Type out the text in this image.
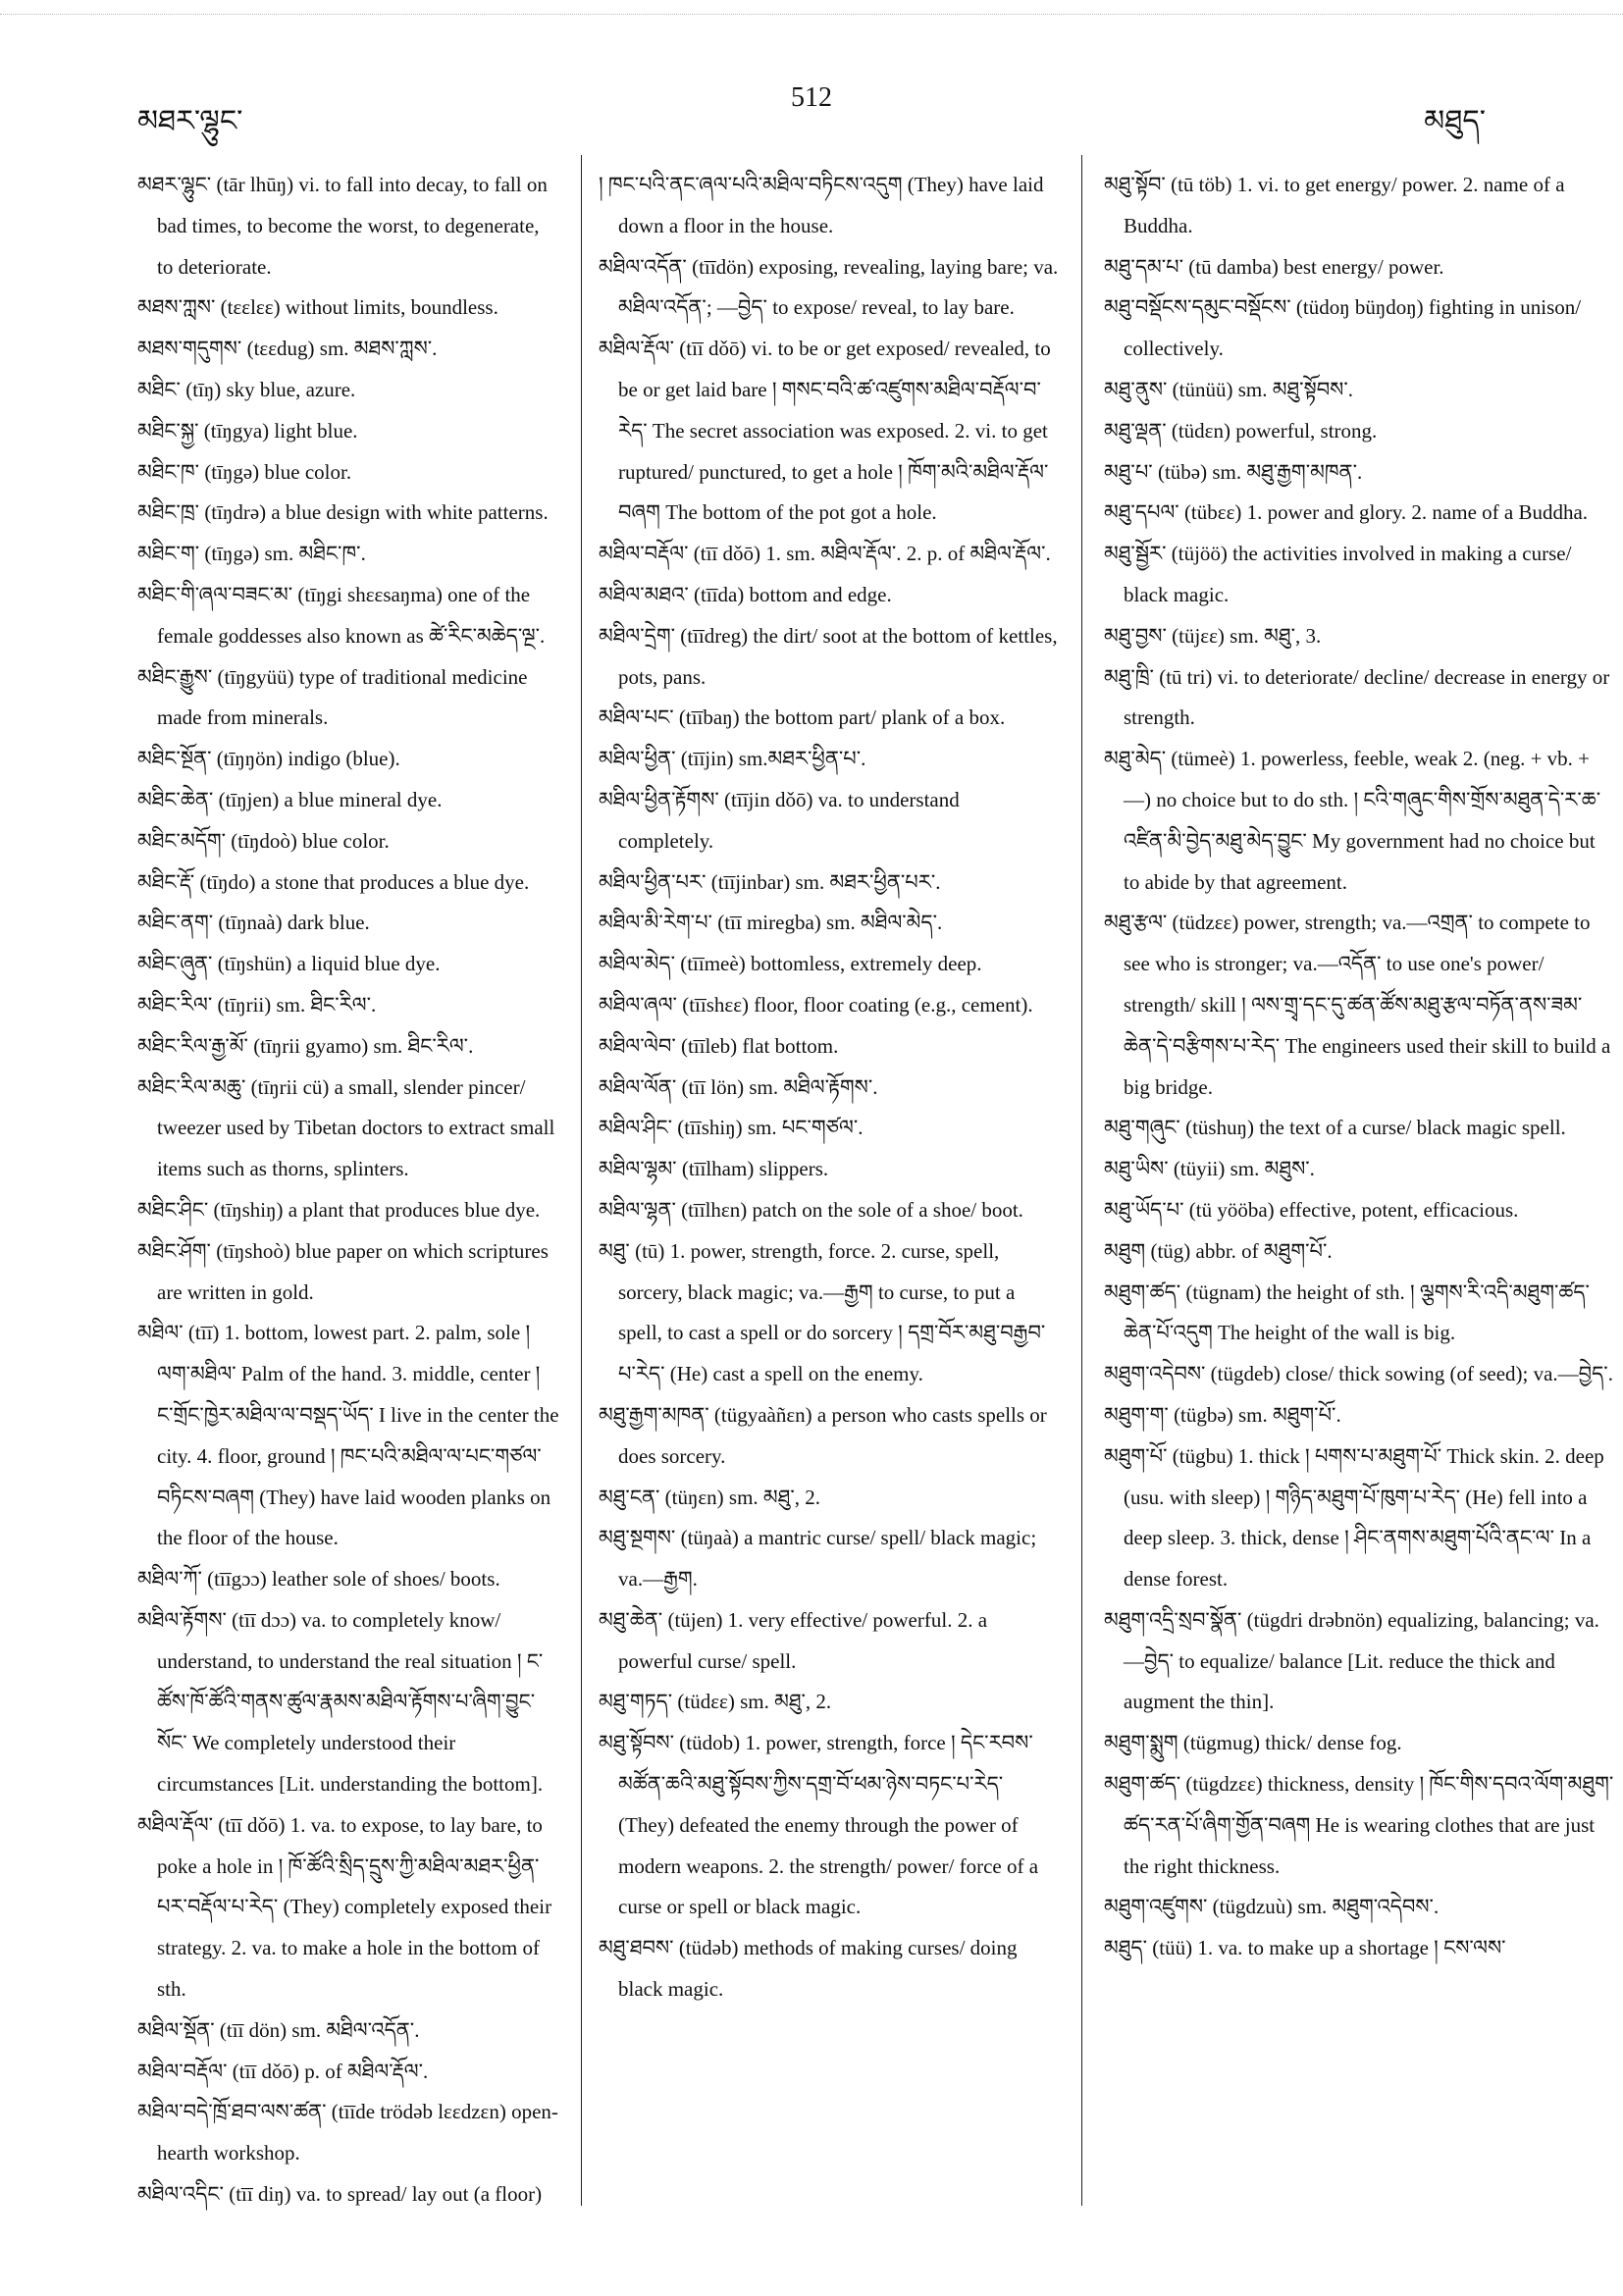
མཐར་ལྷུང་
512
མཐུད་

མཐར་ལྷུང་ (tār lhūŋ) vi. to fall into decay, to fall on bad times, to become the worst, to degenerate, to deteriorate.

མཐས་ཀླས་ (tɛɛlɛɛ) without limits, boundless.

མཐས་གདུགས་ (tɛɛdug) sm. མཐས་ཀླས་.

མཐིང་ (tīŋ) sky blue, azure.

མཐིང་སྐྱ་ (tīŋgya) light blue.

མཐིང་ཁ་ (tīŋgə) blue color.

མཐིང་ཁྲ་ (tīŋdrə) a blue design with white patterns.

མཐིང་ག་ (tīŋgə) sm. མཐིང་ཁ་.

མཐིང་གི་ཞལ་བཟང་མ་ (tīŋgi shɛɛsaŋma) one of the female goddesses also known as ཚེ་རིང་མཆེད་ལྔ་.

མཐིང་རྒྱུས་ (tīŋgyüü) type of traditional medicine made from minerals.

མཐིང་སྔོན་ (tīŋŋön) indigo (blue).

མཐིང་ཆེན་ (tīŋjen) a blue mineral dye.

མཐིང་མདོག་ (tīŋdoò) blue color.

མཐིང་རྡོ་ (tīŋdo) a stone that produces a blue dye.

མཐིང་ནག་ (tīŋnaà) dark blue.

མཐིང་ཞུན་ (tīŋshün) a liquid blue dye.

མཐིང་རིལ་ (tīŋrii) sm. ཐིང་རིལ་.

མཐིང་རིལ་རྒྱ་མོ་ (tīŋrii gyamo) sm. ཐིང་རིལ་.

མཐིང་རིལ་མཆུ་ (tīŋrii cü) a small, slender pincer/ tweezer used by Tibetan doctors to extract small items such as thorns, splinters.

མཐིང་ཤིང་ (tīŋshiŋ) a plant that produces blue dye.

མཐིང་ཤོག་ (tīŋshoò) blue paper on which scriptures are written in gold.

མཐིལ་ (tīī) 1. bottom, lowest part. 2. palm, sole ། ལག་མཐིལ་ Palm of the hand. 3. middle, center ། ང་གྲོང་ཁྱེར་མཐིལ་ལ་བསྡད་ཡོད་ I live in the center the city. 4. floor, ground ། ཁང་པའི་མཐིལ་ལ་པང་གཙལ་བཏིངས་བཞག (They) have laid wooden planks on the floor of the house.

མཐིལ་ཀོ་ (tīīgɔɔ) leather sole of shoes/ boots.

མཐིལ་རྟོགས་ (tīī dɔɔ) va. to completely know/ understand, to understand the real situation ། ང་ཚོས་ཁོ་ཚོའི་གནས་ཚུལ་རྣམས་མཐིལ་རྟོགས་པ་ཞིག་བྱུང་སོང་ We completely understood their circumstances [Lit. understanding the bottom].

མཐིལ་རྡོལ་ (tīī dǒō) 1. va. to expose, to lay bare, to poke a hole in ། ཁོ་ཚོའི་སྲིད་དྲུས་ཀྱི་མཐིལ་མཐར་ཕྱིན་པར་བརྡོལ་པ་རེད་ (They) completely exposed their strategy. 2. va. to make a hole in the bottom of sth.

མཐིལ་སྡོན་ (tīī dön) sm. མཐིལ་འདོན་.

མཐིལ་བརྡོལ་ (tīī dǒō) p. of མཐིལ་རྡོལ་.

མཐིལ་བདེ་ཁྲོ་ཐབ་ལས་ཚན་ (tīīde trödəb lɛɛdzɛn) open-hearth workshop.

མཐིལ་འདིང་ (tīī diŋ) va. to spread/ lay out (a floor)

། ཁང་པའི་ནང་ཞལ་པའི་མཐིལ་བཏིངས་འདུག (They) have laid down a floor in the house.

མཐིལ་འདོན་ (tīīdön) exposing, revealing, laying bare; va. མཐིལ་འདོན་; —བྱེད་ to expose/ reveal, to lay bare.

མཐིལ་རྡོལ་ (tīī dǒō) vi. to be or get exposed/ revealed, to be or get laid bare ། གསང་བའི་ཚ་འཛུགས་མཐིལ་བརྡོལ་བ་རེད་ The secret association was exposed. 2. vi. to get ruptured/ punctured, to get a hole ། ཁོག་མའི་མཐིལ་རྡོལ་བཞག The bottom of the pot got a hole.

མཐིལ་བརྡོལ་ (tīī dǒō) 1. sm. མཐིལ་རྡོལ་. 2. p. of མཐིལ་རྡོལ་.

མཐིལ་མཐའ་ (tīīda) bottom and edge.

མཐིལ་དྲེག་ (tīīdreg) the dirt/ soot at the bottom of kettles, pots, pans.

མཐིལ་པང་ (tīībaŋ) the bottom part/ plank of a box.

མཐིལ་ཕྱིན་ (tīījin) sm.མཐར་ཕྱིན་པ་.

མཐིལ་ཕྱིན་རྟོགས་ (tīījin dǒō) va. to understand completely.

མཐིལ་ཕྱིན་པར་ (tīījinbar) sm. མཐར་ཕྱིན་པར་.

མཐིལ་མི་རེག་པ་ (tīī miregba) sm. མཐིལ་མེད་.

མཐིལ་མེད་ (tīīmeè) bottomless, extremely deep.

མཐིལ་ཞལ་ (tīīshɛɛ) floor, floor coating (e.g., cement).

མཐིལ་ལེབ་ (tīīleb) flat bottom.

མཐིལ་ལོན་ (tīī lön) sm. མཐིལ་རྟོགས་.

མཐིལ་ཤིང་ (tīīshiŋ) sm. པང་གཙལ་.

མཐིལ་ལྷམ་ (tīīlham) slippers.

མཐིལ་ལྷན་ (tīīlhɛn) patch on the sole of a shoe/ boot.

མཐུ་ (tū) 1. power, strength, force. 2. curse, spell, sorcery, black magic; va.—རྒྱག to curse, to put a spell, to cast a spell or do sorcery ། དགྲ་བོར་མཐུ་བརྒྱབ་པ་རེད་ (He) cast a spell on the enemy.

མཐུ་རྒྱག་མཁན་ (tügyaàñɛn) a person who casts spells or does sorcery.

མཐུ་ངན་ (tüŋɛn) sm. མཐུ་, 2.

མཐུ་སྔགས་ (tüŋaà) a mantric curse/ spell/ black magic; va.—རྒྱག.

མཐུ་ཆེན་ (tüjen) 1. very effective/ powerful. 2. a powerful curse/ spell.

མཐུ་གཏད་ (tüdɛɛ) sm. མཐུ་, 2.

མཐུ་སྟོབས་ (tüdob) 1. power, strength, force ། དེང་རབས་མཚོན་ཆའི་མཐུ་སྟོབས་ཀྱིས་དགྲ་བོ་ཕམ་ཉེས་བཏང་པ་རེད་ (They) defeated the enemy through the power of modern weapons. 2. the strength/ power/ force of a curse or spell or black magic.

མཐུ་ཐབས་ (tüdəb) methods of making curses/ doing black magic.

མཐུ་སྟོབ་ (tū töb) 1. vi. to get energy/ power. 2. name of a Buddha.

མཐུ་དམ་པ་ (tū damba) best energy/ power.

མཐུ་བསྡོངས་དམུང་བསྡོངས་ (tüdoŋ büŋdoŋ) fighting in unison/ collectively.

མཐུ་ནུས་ (tünüü) sm. མཐུ་སྟོབས་.

མཐུ་ལྡན་ (tüdɛn) powerful, strong.

མཐུ་པ་ (tübə) sm. མཐུ་རྒྱག་མཁན་.

མཐུ་དཔལ་ (tübɛɛ) 1. power and glory. 2. name of a Buddha.

མཐུ་སྦྱོར་ (tüjöö) the activities involved in making a curse/ black magic.

མཐུ་བྱས་ (tüjɛɛ) sm. མཐུ་, 3.

མཐུ་ཁྲི་ (tū tri) vi. to deteriorate/ decline/ decrease in energy or strength.

མཐུ་མེད་ (tümeè) 1. powerless, feeble, weak 2. (neg. + vb. + —) no choice but to do sth. ། ངའི་གཞུང་གིས་གྲོས་མཐུན་དེ་ར་ཆ་འཛིན་མི་བྱེད་མཐུ་མེད་བྱུང་ My government had no choice but to abide by that agreement.

མཐུ་རྩལ་ (tüdzɛɛ) power, strength; va.—འགྲན་ to compete to see who is stronger; va.—འདོན་ to use one's power/ strength/ skill ། ལས་གྲྭ་དང་དུ་ཚན་ཚོས་མཐུ་རྩལ་བཏོན་ནས་ཟམ་ཆེན་དེ་བརྩིགས་པ་རེད་ The engineers used their skill to build a big bridge.

མཐུ་གཞུང་ (tüshuŋ) the text of a curse/ black magic spell.

མཐུ་ཡིས་ (tüyii) sm. མཐུས་.

མཐུ་ཡོད་པ་ (tü yööba) effective, potent, efficacious.

མཐུག (tüg) abbr. of མཐུག་པོ་.

མཐུག་ཚད་ (tügnam) the height of sth. ། ལྕགས་རི་འདི་མཐུག་ཚད་ཆེན་པོ་འདུག The height of the wall is big.

མཐུག་འདེབས་ (tügdeb) close/ thick sowing (of seed); va.—བྱེད་.

མཐུག་ག་ (tügbə) sm. མཐུག་པོ་.

མཐུག་པོ་ (tügbu) 1. thick ། པགས་པ་མཐུག་པོ་ Thick skin. 2. deep (usu. with sleep) ། གཉིད་མཐུག་པོ་ཁུག་པ་རེད་ (He) fell into a deep sleep. 3. thick, dense ། ཤིང་ནགས་མཐུག་པོའི་ནང་ལ་ In a dense forest.

མཐུག་འདྲི་སྲབ་སྣོན་ (tügdri drəbnön) equalizing, balancing; va.—བྱེད་ to equalize/ balance [Lit. reduce the thick and augment the thin].

མཐུག་སྨུག (tügmug) thick/ dense fog.

མཐུག་ཚད་ (tügdzɛɛ) thickness, density ། ཁོང་གིས་དབའ་ལོག་མཐུག་ཚད་རན་པོ་ཞིག་གྱོན་བཞག He is wearing clothes that are just the right thickness.

མཐུག་འཛུགས་ (tügdzuù) sm. མཐུག་འདེབས་.

མཐུད་ (tüü) 1. va. to make up a shortage ། ངས་ལས་
